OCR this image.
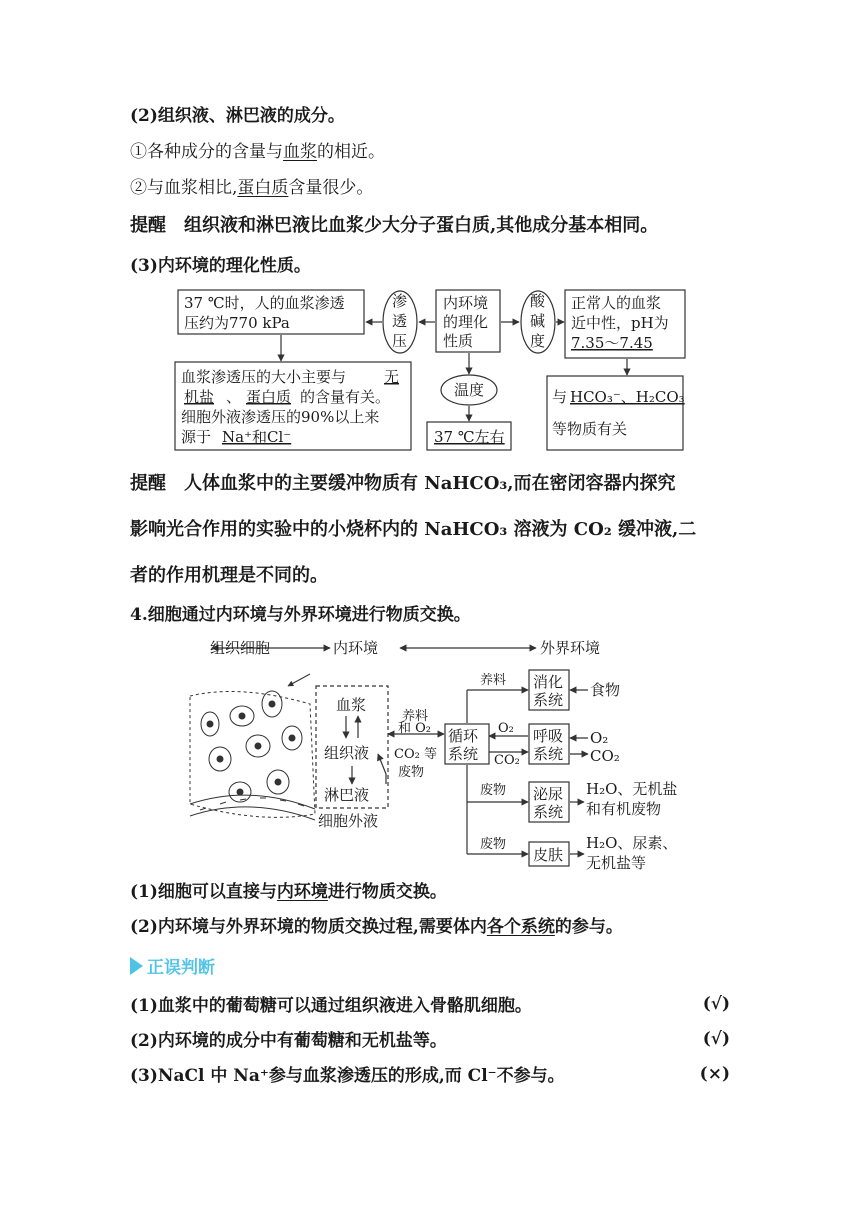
(2)组织液、淋巴液的成分。
①各种成分的含量与血浆的相近。
②与血浆相比,蛋白质含量很少。
提醒 组织液和淋巴液比血浆少大分子蛋白质,其他成分基本相同。
(3)内环境的理化性质。
37 ℃时，人的血浆渗透
压约为770 kPa
血浆渗透压的大小主要与	无
机盐 、 蛋白质 的含量有关。
细胞外液渗透压的90%以上来
源于 Na⁺和Cl⁻
内环境
的理化
性质
渗
透
压
酸
碱
度
温度
37 ℃左右
正常人的血浆
近中性，pH为
7.35～7.45
与 HCO₃⁻、H₂CO₃
等物质有关
提醒 人体血浆中的主要缓冲物质有 NaHCO₃,而在密闭容器内探究
影响光合作用的实验中的小烧杯内的 NaHCO₃ 溶液为 CO₂ 缓冲液,二
者的作用机理是不同的。
4.细胞通过内环境与外界环境进行物质交换。
组织细胞	内环境	外界环境
血浆
组织液
淋巴液
细胞外液
循环
系统
消化
系统
呼吸
系统
泌尿
系统
皮肤
食物
O₂
CO₂
H₂O、无机盐
和有机废物
H₂O、尿素、
无机盐等
养料
和 O₂
CO₂ 等
废物
养料
O₂
CO₂
废物
废物
(1)细胞可以直接与内环境进行物质交换。
(2)内环境与外界环境的物质交换过程,需要体内各个系统的参与。
正误判断
(1)血浆中的葡萄糖可以通过组织液进入骨骼肌细胞。	(√)
(2)内环境的成分中有葡萄糖和无机盐等。	(√)
(3)NaCl 中 Na⁺参与血浆渗透压的形成,而 Cl⁻不参与。	(×)
